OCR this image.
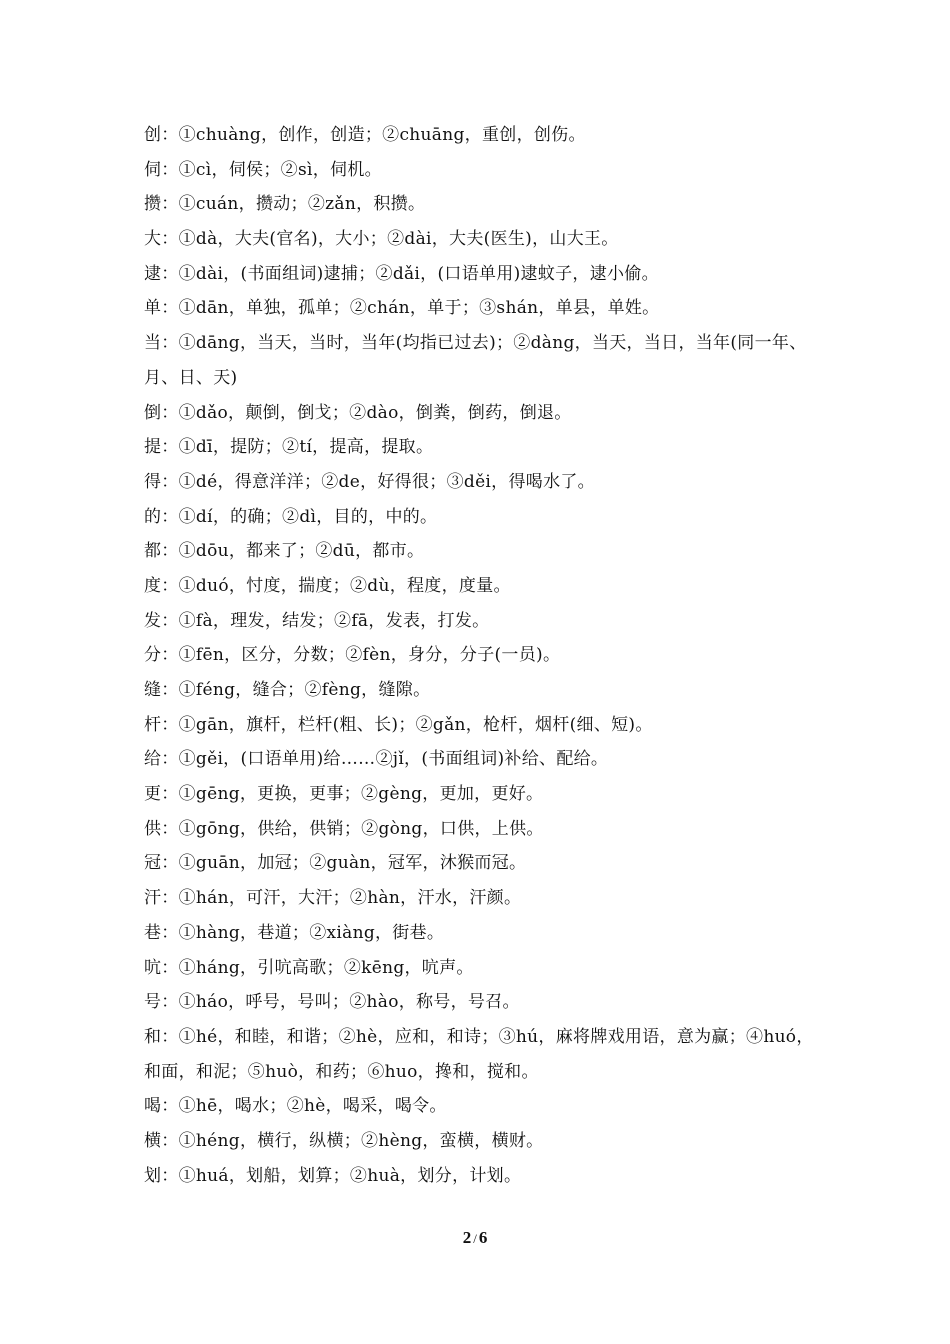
创：①chuàng，创作，创造；②chuāng，重创，创伤。
伺：①cì，伺侯；②sì，伺机。
攒：①cuán，攒动；②zǎn，积攒。
大：①dà，大夫(官名)，大小；②dài，大夫(医生)，山大王。
逮：①dài，(书面组词)逮捕；②dǎi，(口语单用)逮蚊子，逮小偷。
单：①dān，单独，孤单；②chán，单于；③shán，单县，单姓。
当：①dāng，当天，当时，当年(均指已过去)；②dàng，当天，当日，当年(同一年、
月、日、天)
倒：①dǎo，颠倒，倒戈；②dào，倒粪，倒药，倒退。
提：①dī，提防；②tí，提高，提取。
得：①dé，得意洋洋；②de，好得很；③děi，得喝水了。
的：①dí，的确；②dì，目的，中的。
都：①dōu，都来了；②dū，都市。
度：①duó，忖度，揣度；②dù，程度，度量。
发：①fà，理发，结发；②fā，发表，打发。
分：①fēn，区分，分数；②fèn，身分，分子(一员)。
缝：①féng，缝合；②fèng，缝隙。
杆：①gān，旗杆，栏杆(粗、长)；②gǎn，枪杆，烟杆(细、短)。
给：①gěi，(口语单用)给……②jǐ，(书面组词)补给、配给。
更：①gēng，更换，更事；②gèng，更加，更好。
供：①gōng，供给，供销；②gòng，口供，上供。
冠：①guān，加冠；②guàn，冠军，沐猴而冠。
汗：①hán，可汗，大汗；②hàn，汗水，汗颜。
巷：①hàng，巷道；②xiàng，街巷。
吭：①háng，引吭高歌；②kēng，吭声。
号：①háo，呼号，号叫；②hào，称号，号召。
和：①hé，和睦，和谐；②hè，应和，和诗；③hú，麻将牌戏用语，意为赢；④huó，
和面，和泥；⑤huò，和药；⑥huo，搀和，搅和。
喝：①hē，喝水；②hè，喝采，喝令。
横：①héng，横行，纵横；②hèng，蛮横，横财。
划：①huá，划船，划算；②huà，划分，计划。
2 / 6
